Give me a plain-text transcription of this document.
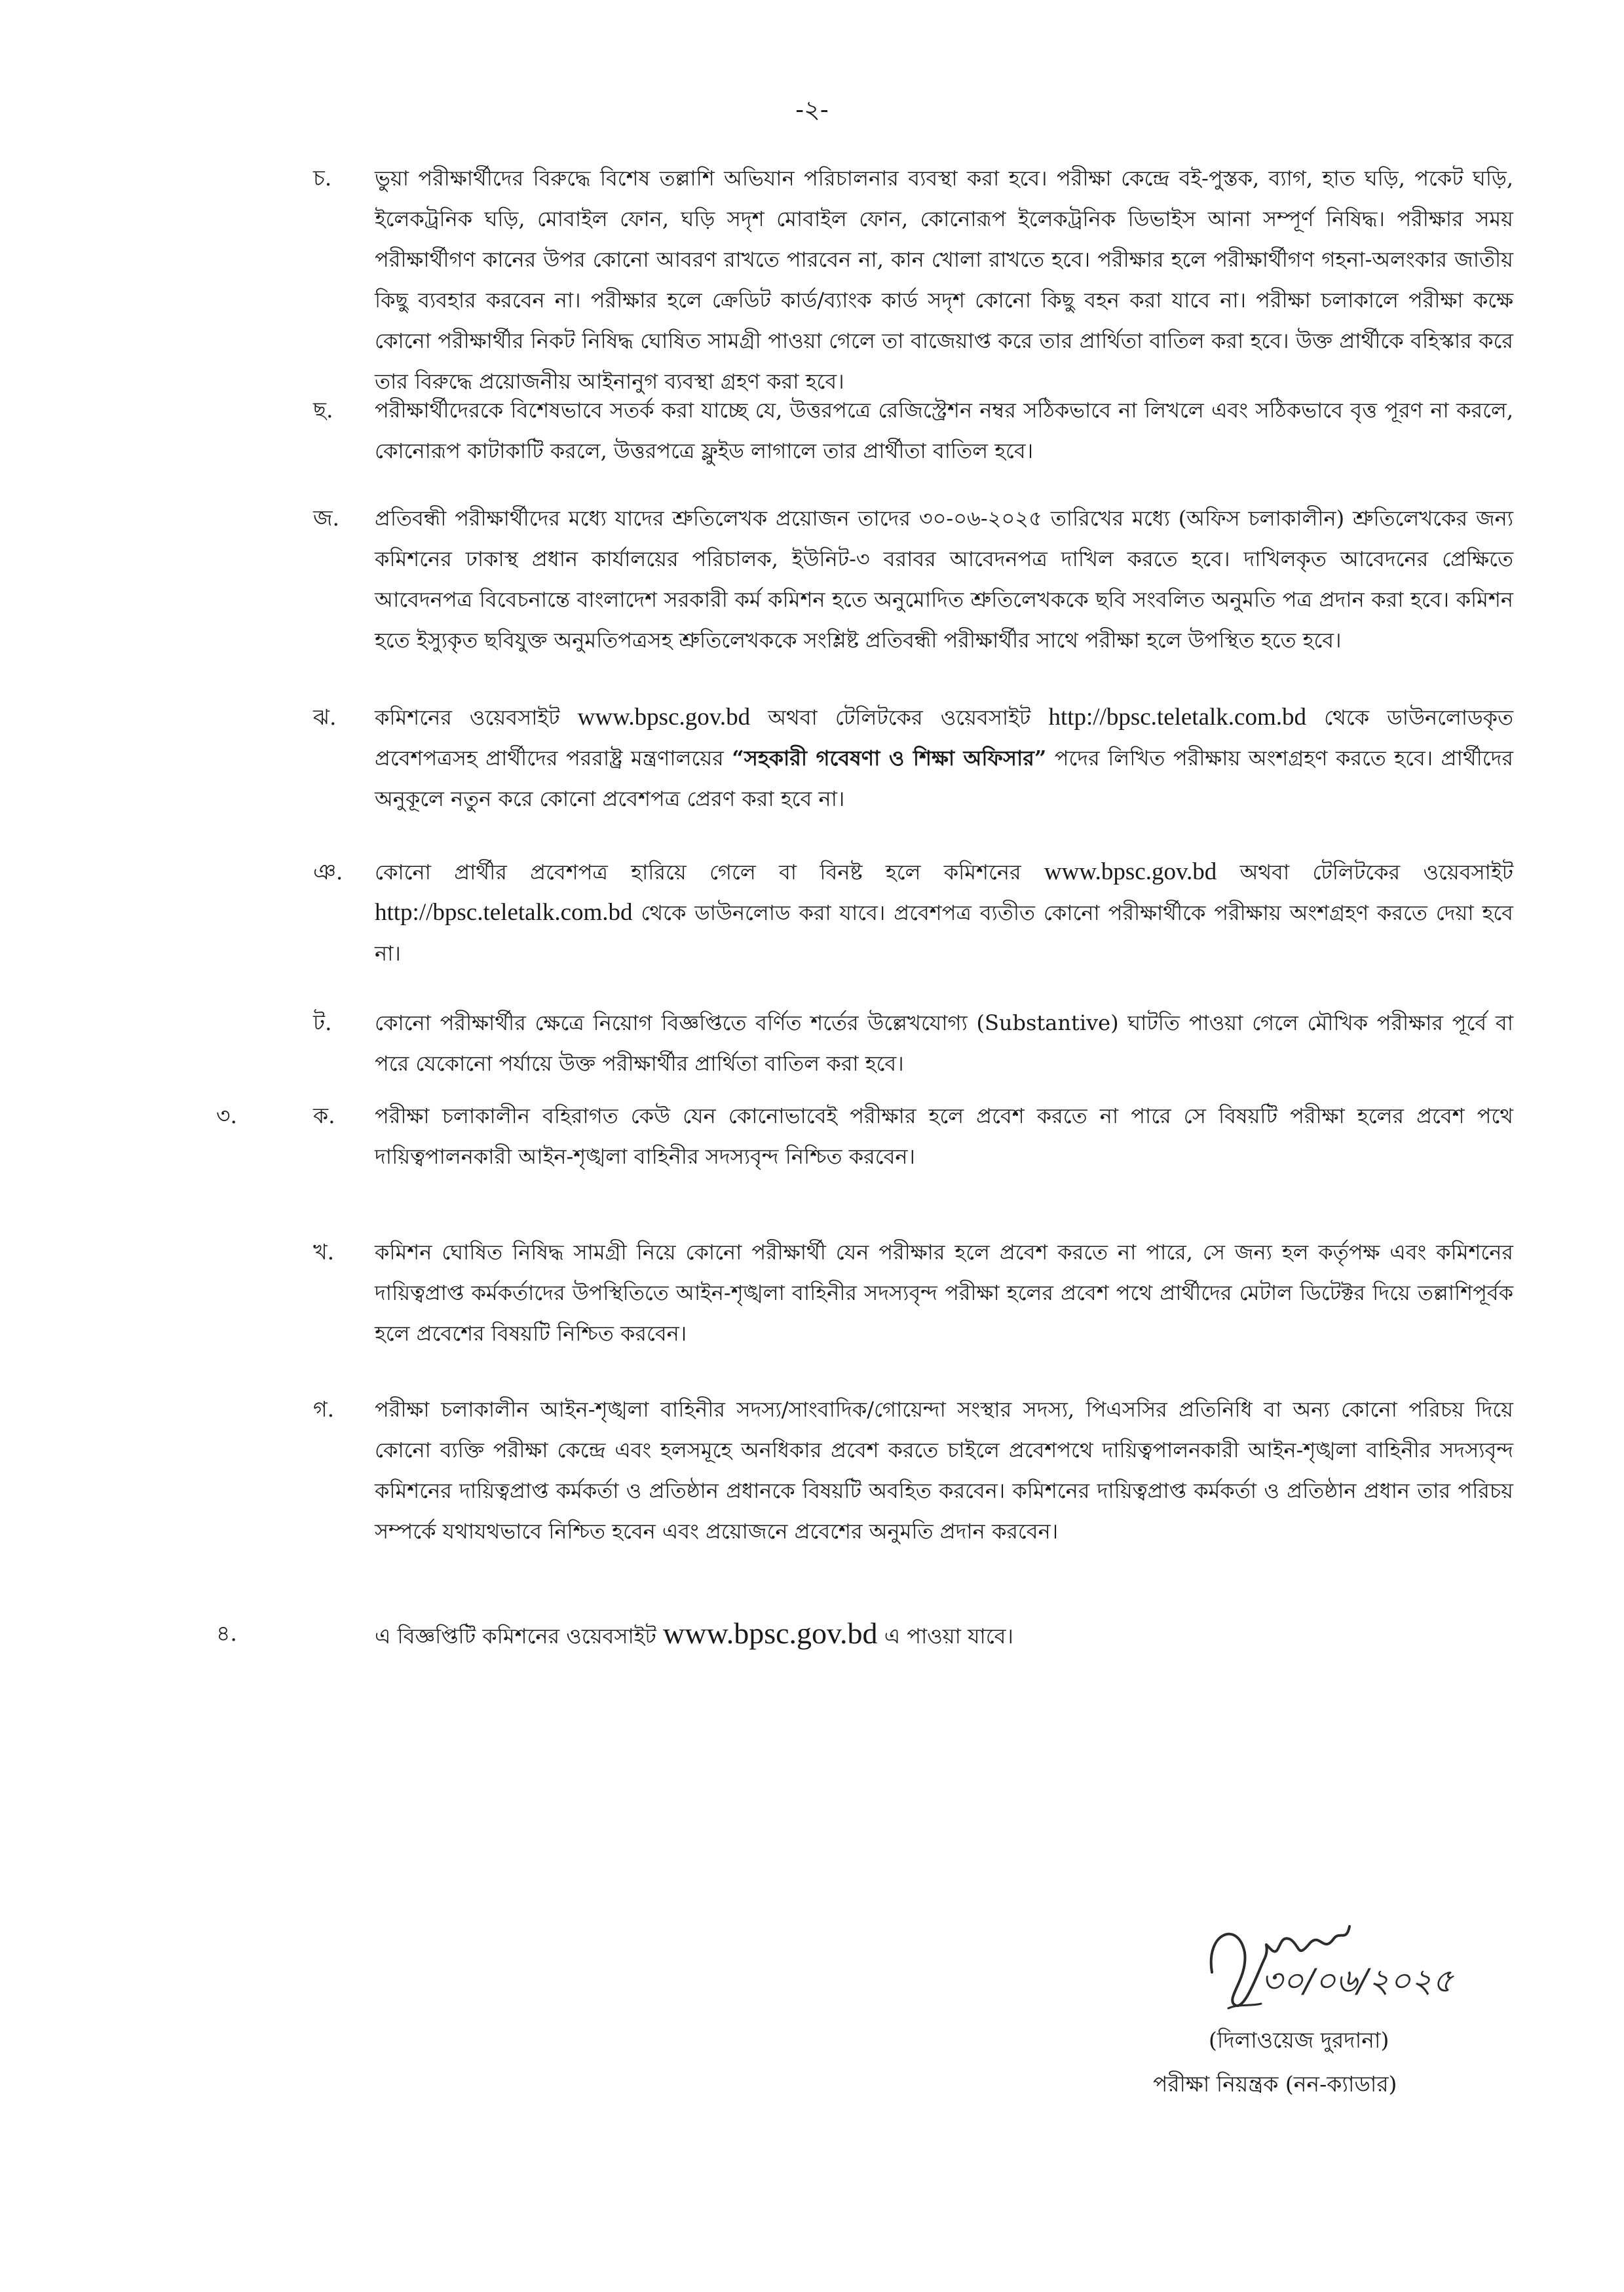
-২-
চ. ভুয়া পরীক্ষার্থীদের বিরুদ্ধে বিশেষ তল্লাশি অভিযান পরিচালনার ব্যবস্থা করা হবে। পরীক্ষা কেন্দ্রে বই-পুস্তক, ব্যাগ, হাত ঘড়ি, পকেট ঘড়ি, ইলেকট্রনিক ঘড়ি, মোবাইল ফোন, ঘড়ি সদৃশ মোবাইল ফোন, কোনোরূপ ইলেকট্রনিক ডিভাইস আনা সম্পূর্ণ নিষিদ্ধ। পরীক্ষার সময় পরীক্ষার্থীগণ কানের উপর কোনো আবরণ রাখতে পারবেন না, কান খোলা রাখতে হবে। পরীক্ষার হলে পরীক্ষার্থীগণ গহনা-অলংকার জাতীয় কিছু ব্যবহার করবেন না। পরীক্ষার হলে ক্রেডিট কার্ড/ব্যাংক কার্ড সদৃশ কোনো কিছু বহন করা যাবে না। পরীক্ষা চলাকালে পরীক্ষা কক্ষে কোনো পরীক্ষার্থীর নিকট নিষিদ্ধ ঘোষিত সামগ্রী পাওয়া গেলে তা বাজেয়াপ্ত করে তার প্রার্থিতা বাতিল করা হবে। উক্ত প্রার্থীকে বহিস্কার করে তার বিরুদ্ধে প্রয়োজনীয় আইনানুগ ব্যবস্থা গ্রহণ করা হবে।
ছ. পরীক্ষার্থীদেরকে বিশেষভাবে সতর্ক করা যাচ্ছে যে, উত্তরপত্রে রেজিস্ট্রেশন নম্বর সঠিকভাবে না লিখলে এবং সঠিকভাবে বৃত্ত পূরণ না করলে, কোনোরূপ কাটাকাটি করলে, উত্তরপত্রে ফ্লুইড লাগালে তার প্রার্থীতা বাতিল হবে।
জ. প্রতিবন্ধী পরীক্ষার্থীদের মধ্যে যাদের শ্রুতিলেখক প্রয়োজন তাদের ৩০-০৬-২০২৫ তারিখের মধ্যে (অফিস চলাকালীন) শ্রুতিলেখকের জন্য কমিশনের ঢাকাস্থ প্রধান কার্যালয়ের পরিচালক, ইউনিট-৩ বরাবর আবেদনপত্র দাখিল করতে হবে। দাখিলকৃত আবেদনের প্রেক্ষিতে আবেদনপত্র বিবেচনান্তে বাংলাদেশ সরকারী কর্ম কমিশন হতে অনুমোদিত শ্রুতিলেখককে ছবি সংবলিত অনুমতি পত্র প্রদান করা হবে। কমিশন হতে ইস্যুকৃত ছবিযুক্ত অনুমতিপত্রসহ শ্রুতিলেখককে সংশ্লিষ্ট প্রতিবন্ধী পরীক্ষার্থীর সাথে পরীক্ষা হলে উপস্থিত হতে হবে।
ঝ. কমিশনের ওয়েবসাইট www.bpsc.gov.bd অথবা টেলিটকের ওয়েবসাইট http://bpsc.teletalk.com.bd থেকে ডাউনলোডকৃত প্রবেশপত্রসহ প্রার্থীদের পররাষ্ট্র মন্ত্রণালয়ের “সহকারী গবেষণা ও শিক্ষা অফিসার” পদের লিখিত পরীক্ষায় অংশগ্রহণ করতে হবে। প্রার্থীদের অনুকূলে নতুন করে কোনো প্রবেশপত্র প্রেরণ করা হবে না।
ঞ. কোনো প্রার্থীর প্রবেশপত্র হারিয়ে গেলে বা বিনষ্ট হলে কমিশনের www.bpsc.gov.bd অথবা টেলিটকের ওয়েবসাইট http://bpsc.teletalk.com.bd থেকে ডাউনলোড করা যাবে। প্রবেশপত্র ব্যতীত কোনো পরীক্ষার্থীকে পরীক্ষায় অংশগ্রহণ করতে দেয়া হবে না।
ট. কোনো পরীক্ষার্থীর ক্ষেত্রে নিয়োগ বিজ্ঞপ্তিতে বর্ণিত শর্তের উল্লেখযোগ্য (Substantive) ঘাটতি পাওয়া গেলে মৌখিক পরীক্ষার পূর্বে বা পরে যেকোনো পর্যায়ে উক্ত পরীক্ষার্থীর প্রার্থিতা বাতিল করা হবে।
৩.	ক. পরীক্ষা চলাকালীন বহিরাগত কেউ যেন কোনোভাবেই পরীক্ষার হলে প্রবেশ করতে না পারে সে বিষয়টি পরীক্ষা হলের প্রবেশ পথে দায়িত্বপালনকারী আইন-শৃঙ্খলা বাহিনীর সদস্যবৃন্দ নিশ্চিত করবেন।
খ. কমিশন ঘোষিত নিষিদ্ধ সামগ্রী নিয়ে কোনো পরীক্ষার্থী যেন পরীক্ষার হলে প্রবেশ করতে না পারে, সে জন্য হল কর্তৃপক্ষ এবং কমিশনের দায়িত্বপ্রাপ্ত কর্মকর্তাদের উপস্থিতিতে আইন-শৃঙ্খলা বাহিনীর সদস্যবৃন্দ পরীক্ষা হলের প্রবেশ পথে প্রার্থীদের মেটাল ডিটেক্টর দিয়ে তল্লাশিপূর্বক হলে প্রবেশের বিষয়টি নিশ্চিত করবেন।
গ. পরীক্ষা চলাকালীন আইন-শৃঙ্খলা বাহিনীর সদস্য/সাংবাদিক/গোয়েন্দা সংস্থার সদস্য, পিএসসির প্রতিনিধি বা অন্য কোনো পরিচয় দিয়ে কোনো ব্যক্তি পরীক্ষা কেন্দ্রে এবং হলসমূহে অনধিকার প্রবেশ করতে চাইলে প্রবেশপথে দায়িত্বপালনকারী আইন-শৃঙ্খলা বাহিনীর সদস্যবৃন্দ কমিশনের দায়িত্বপ্রাপ্ত কর্মকর্তা ও প্রতিষ্ঠান প্রধানকে বিষয়টি অবহিত করবেন। কমিশনের দায়িত্বপ্রাপ্ত কর্মকর্তা ও প্রতিষ্ঠান প্রধান তার পরিচয় সম্পর্কে যথাযথভাবে নিশ্চিত হবেন এবং প্রয়োজনে প্রবেশের অনুমতি প্রদান করবেন।
৪.	এ বিজ্ঞপ্তিটি কমিশনের ওয়েবসাইট www.bpsc.gov.bd এ পাওয়া যাবে।
৩০/০৬/২০২৫
(দিলাওয়েজ দুরদানা)
পরীক্ষা নিয়ন্ত্রক (নন-ক্যাডার)
